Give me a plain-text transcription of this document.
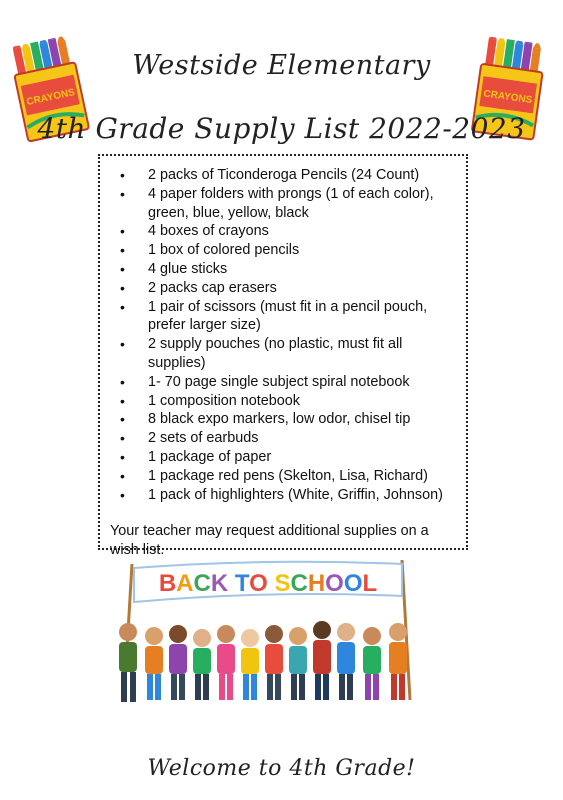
CRAYONS	CRAYONS
Westside Elementary
4th Grade Supply List 2022-2023
• 2 packs of Ticonderoga Pencils (24 Count)
• 4 paper folders with prongs (1 of each color), green, blue, yellow, black
• 4 boxes of crayons
• 1 box of colored pencils
• 4 glue sticks
• 2 packs cap erasers
• 1 pair of scissors (must fit in a pencil pouch, prefer larger size)
• 2 supply pouches (no plastic, must fit all supplies)
• 1- 70 page single subject spiral notebook
• 1 composition notebook
• 8 black expo markers, low odor, chisel tip
• 2 sets of earbuds
• 1 package of paper
• 1 package red pens (Skelton, Lisa, Richard)
• 1 pack of highlighters (White, Griffin, Johnson)
Your teacher may request additional supplies on a wish list.
BACK TO SCHOOL
Welcome to 4th Grade!
